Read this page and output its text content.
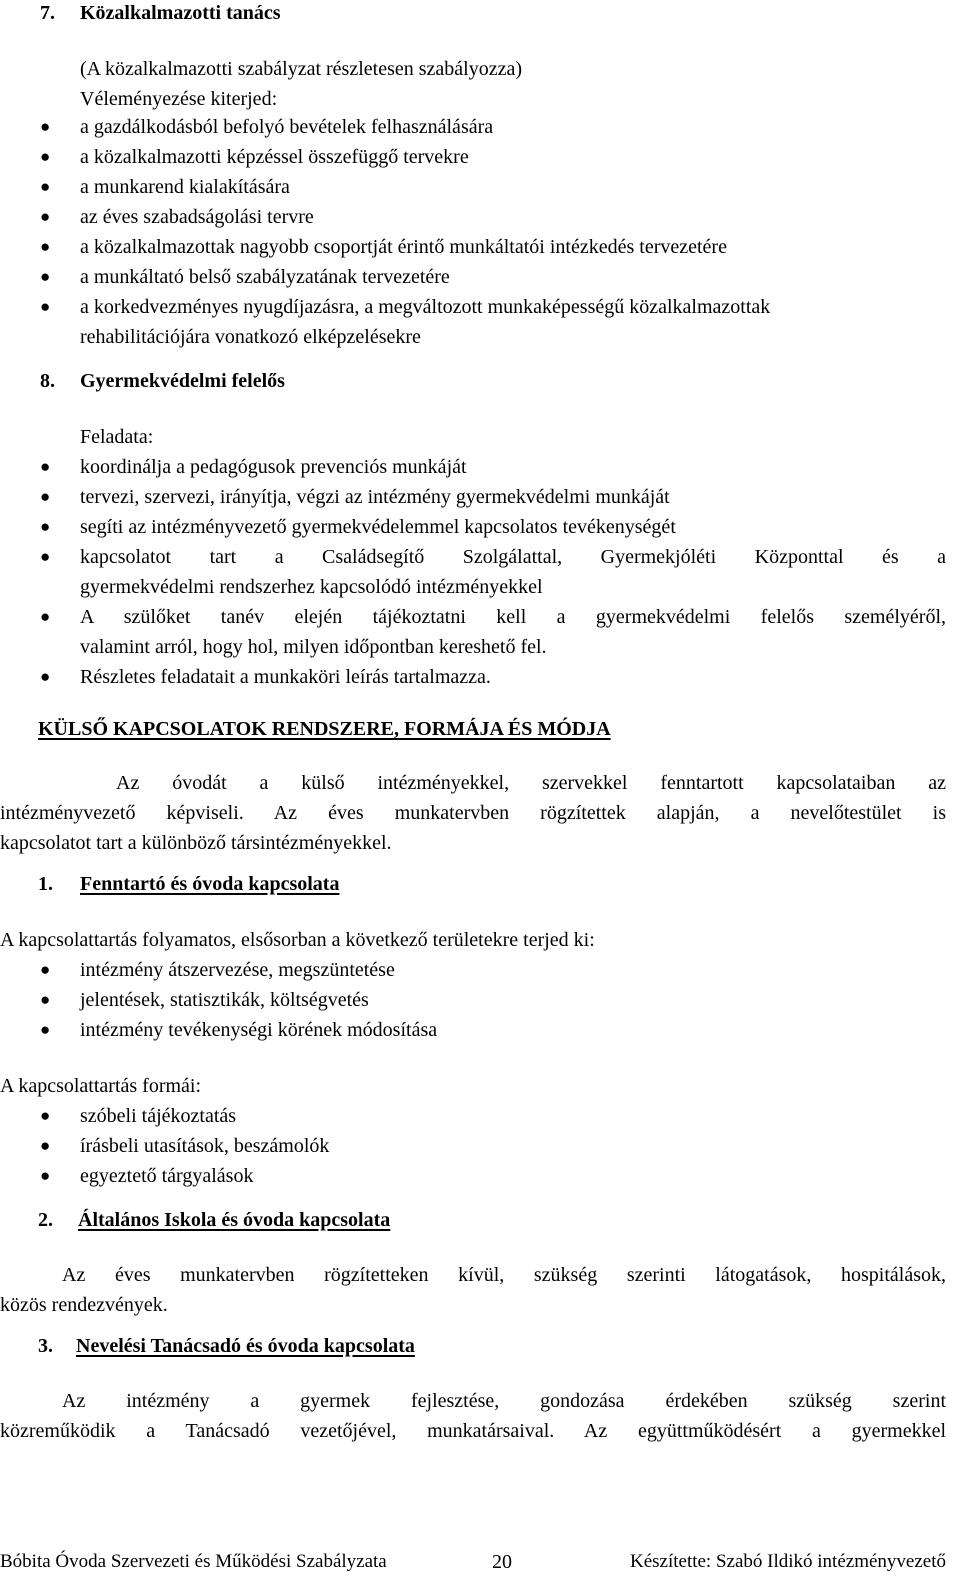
7. Közalkalmazotti tanács
(A közalkalmazotti szabályzat részletesen szabályozza)
Véleményezése kiterjed:
● a gazdálkodásból befolyó bevételek felhasználására
● a közalkalmazotti képzéssel összefüggő tervekre
● a munkarend kialakítására
● az éves szabadságolási tervre
● a közalkalmazottak nagyobb csoportját érintő munkáltatói intézkedés tervezetére
● a munkáltató belső szabályzatának tervezetére
● a korkedvezményes nyugdíjazásra, a megváltozott munkaképességű közalkalmazottak
rehabilitációjára vonatkozó elképzelésekre
8. Gyermekvédelmi felelős
Feladata:
● koordinálja a pedagógusok prevenciós munkáját
● tervezi, szervezi, irányítja, végzi az intézmény gyermekvédelmi munkáját
● segíti az intézményvezető gyermekvédelemmel kapcsolatos tevékenységét
● kapcsolatot tart a Családsegítő Szolgálattal, Gyermekjóléti Központtal és a
gyermekvédelmi rendszerhez kapcsolódó intézményekkel
● A szülőket tanév elején tájékoztatni kell a gyermekvédelmi felelős személyéről,
valamint arról, hogy hol, milyen időpontban kereshető fel.
● Részletes feladatait a munkaköri leírás tartalmazza.
KÜLSŐ KAPCSOLATOK RENDSZERE, FORMÁJA ÉS MÓDJA
Az óvodát a külső intézményekkel, szervekkel fenntartott kapcsolataiban az
intézményvezető képviseli. Az éves munkatervben rögzítettek alapján, a nevelőtestület is
kapcsolatot tart a különböző társintézményekkel.
1. Fenntartó és óvoda kapcsolata
A kapcsolattartás folyamatos, elsősorban a következő területekre terjed ki:
● intézmény átszervezése, megszüntetése
● jelentések, statisztikák, költségvetés
● intézmény tevékenységi körének módosítása
A kapcsolattartás formái:
● szóbeli tájékoztatás
● írásbeli utasítások, beszámolók
● egyeztető tárgyalások
2. Általános Iskola és óvoda kapcsolata
Az éves munkatervben rögzítetteken kívül, szükség szerinti látogatások, hospitálások,
közös rendezvények.
3. Nevelési Tanácsadó és óvoda kapcsolata
Az intézmény a gyermek fejlesztése, gondozása érdekében szükség szerint
közreműködik a Tanácsadó vezetőjével, munkatársaival. Az együttműködésért a gyermekkel
Bóbita Óvoda Szervezeti és Működési Szabályzata	20	Készítette: Szabó Ildikó intézményvezető
